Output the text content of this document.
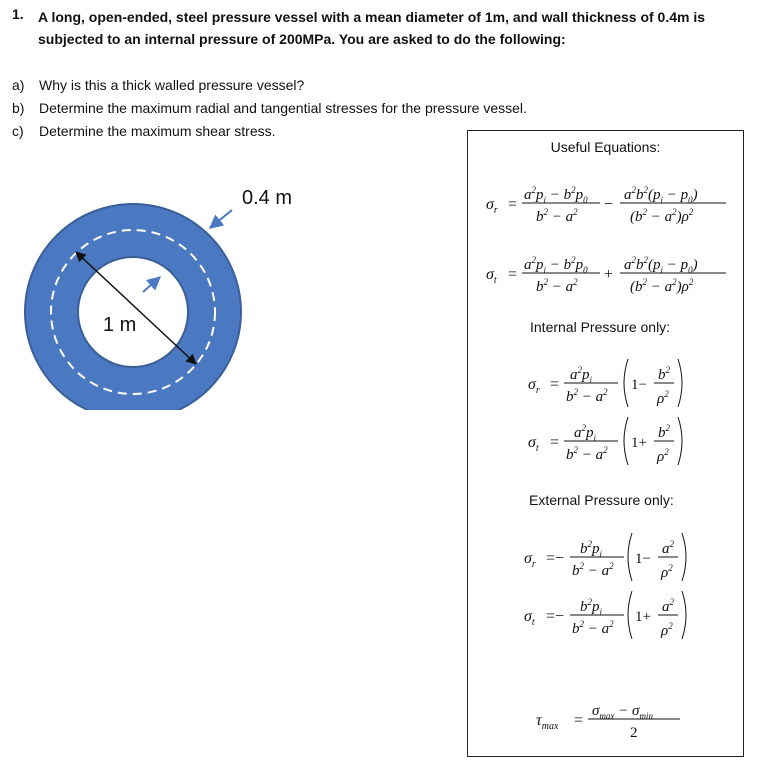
1. A long, open-ended, steel pressure vessel with a mean diameter of 1m, and wall thickness of 0.4m is subjected to an internal pressure of 200MPa. You are asked to do the following:
a) Why is this a thick walled pressure vessel?
b) Determine the maximum radial and tangential stresses for the pressure vessel.
c) Determine the maximum shear stress.
0.4 m
1 m
Useful Equations:
Internal Pressure only:
External Pressure only:
$\sigma_r$ =
$a^2p_i - b^2p_0$
$b^2 - a^2$ −
$a^2b^2(p_i - p_0)$
$(b^2 - a^2)\rho^2$
$\sigma_t$ =
$a^2p_i - b^2p_0$
$b^2 - a^2$ +
$a^2b^2(p_i - p_0)$
$(b^2 - a^2)\rho^2$
$\sigma_r$ =
$a^2p_i$
$b^2 - a^2$ 1−
$b^2$
$\rho^2$
$\sigma_t$ =
$a^2p_i$
$b^2 - a^2$ 1+
$b^2$
$\rho^2$
$\sigma_r$ =−
$b^2p_i$
$b^2 - a^2$ 1−
$a^2$
$\rho^2$
$\sigma_t$ =−
$b^2p_i$
$b^2 - a^2$ 1+
$a^2$
$\rho^2$
$\tau_{max}$ =
$\sigma_{max} - \sigma_{min}$
2
